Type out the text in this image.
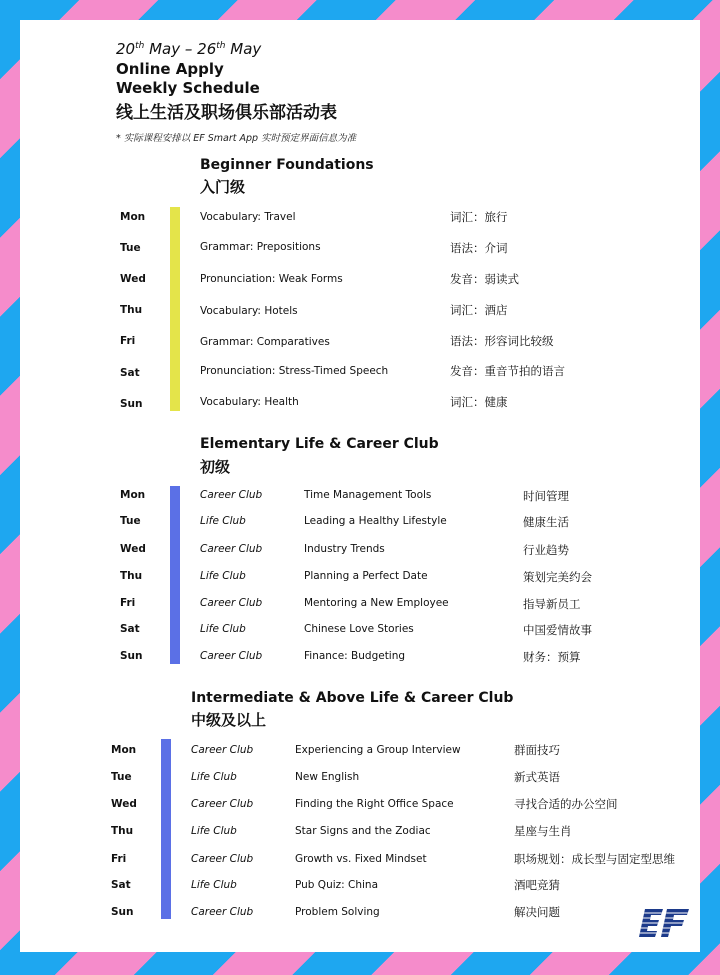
20th May – 26th May
Online Apply
Weekly Schedule
线上生活及职场俱乐部活动表
* 实际课程安排以 EF Smart App 实时预定界面信息为准
Beginner Foundations
入门级
Mon	Vocabulary: Travel	词汇：旅行
Tue	Grammar: Prepositions	语法：介词
Wed	Pronunciation: Weak Forms	发音：弱读式
Thu	Vocabulary: Hotels	词汇：酒店
Fri	Grammar: Comparatives	语法：形容词比较级
Sat	Pronunciation: Stress-Timed Speech	发音：重音节拍的语言
Sun	Vocabulary: Health	词汇：健康
Elementary Life & Career Club
初级
Mon	Career Club	Time Management Tools	时间管理
Tue	Life Club	Leading a Healthy Lifestyle	健康生活
Wed	Career Club	Industry Trends	行业趋势
Thu	Life Club	Planning a Perfect Date	策划完美约会
Fri	Career Club	Mentoring a New Employee	指导新员工
Sat	Life Club	Chinese Love Stories	中国爱情故事
Sun	Career Club	Finance: Budgeting	财务：预算
Intermediate & Above Life & Career Club
中级及以上
Mon	Career Club	Experiencing a Group Interview	群面技巧
Tue	Life Club	New English	新式英语
Wed	Career Club	Finding the Right Office Space	寻找合适的办公空间
Thu	Life Club	Star Signs and the Zodiac	星座与生肖
Fri	Career Club	Growth vs. Fixed Mindset	职场规划：成长型与固定型思维
Sat	Life Club	Pub Quiz: China	酒吧竞猜
Sun	Career Club	Problem Solving	解决问题
